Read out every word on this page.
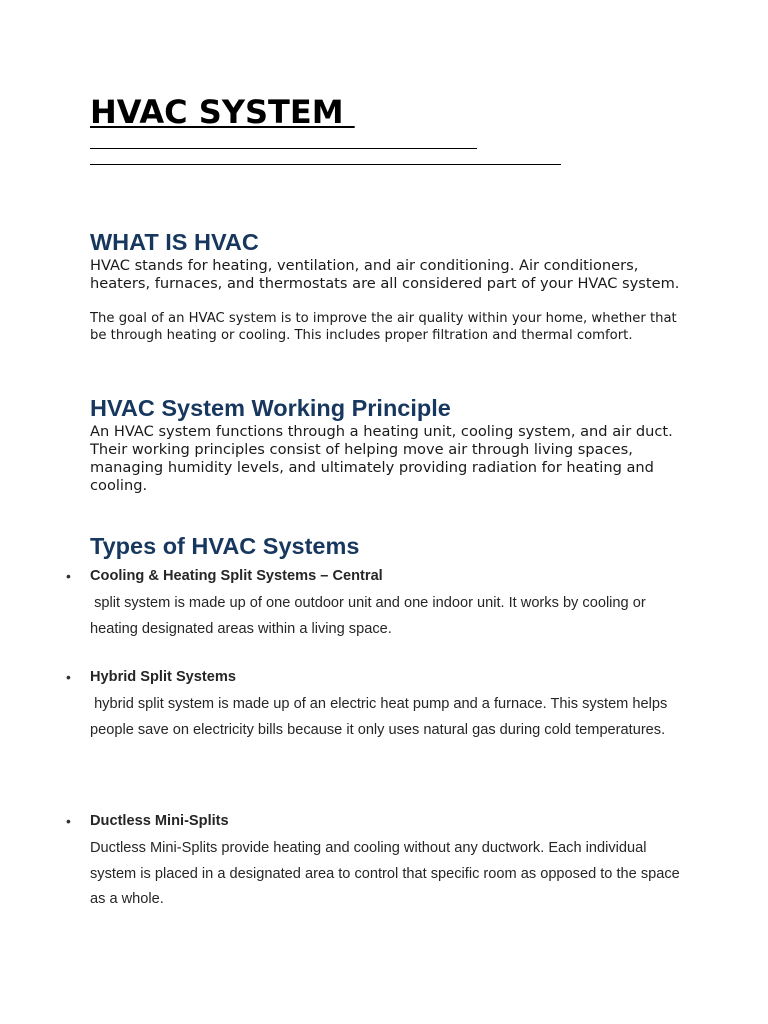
HVAC SYSTEM
WHAT IS HVAC

HVAC stands for heating, ventilation, and air conditioning. Air conditioners, heaters, furnaces, and thermostats are all considered part of your HVAC system.

The goal of an HVAC system is to improve the air quality within your home, whether that be through heating or cooling. This includes proper filtration and thermal comfort.

HVAC System Working Principle

An HVAC system functions through a heating unit, cooling system, and air duct. Their working principles consist of helping move air through living spaces, managing humidity levels, and ultimately providing radiation for heating and cooling.

Types of HVAC Systems
• Cooling & Heating Split Systems – Central

split system is made up of one outdoor unit and one indoor unit. It works by cooling or heating designated areas within a living space.

• Hybrid Split Systems

hybrid split system is made up of an electric heat pump and a furnace. This system helps people save on electricity bills because it only uses natural gas during cold temperatures.

• Ductless Mini-Splits

Ductless Mini-Splits provide heating and cooling without any ductwork. Each individual system is placed in a designated area to control that specific room as opposed to the space as a whole.
